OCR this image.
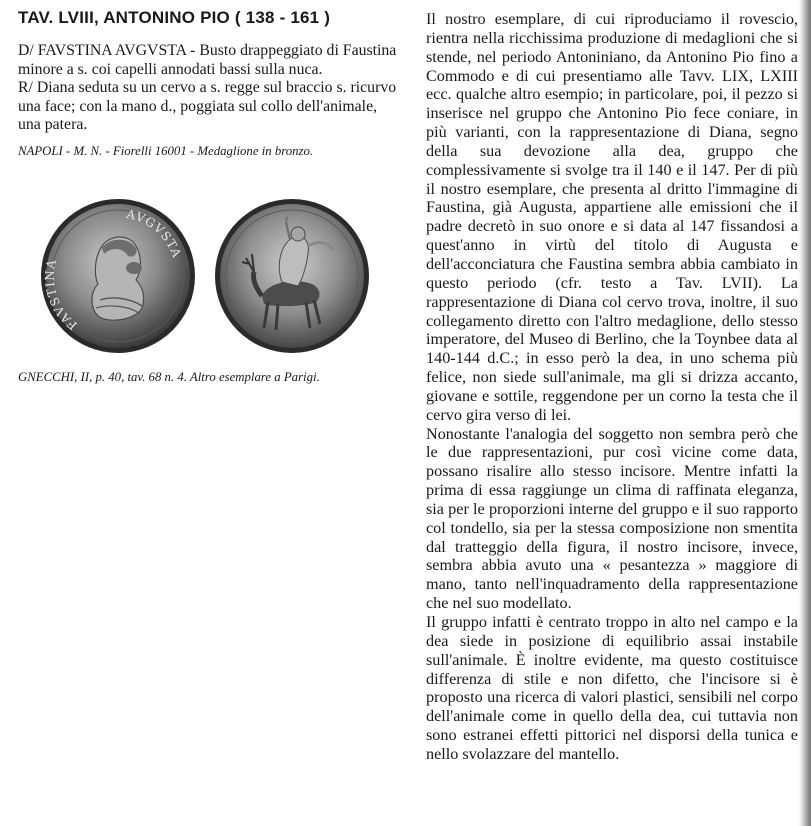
TAV. LVIII, ANTONINO PIO ( 138 - 161 )

D/ FAVSTINA AVGVSTA - Busto drappeggiato di Faustina minore a s. coi capelli annodati bassi sulla nuca.

R/ Diana seduta su un cervo a s. regge sul braccio s. ricurvo una face; con la mano d., poggiata sul collo dell'animale, una patera.

NAPOLI - M. N. - Fiorelli 16001 - Medaglione in bronzo.

FAVSTINA
AVGVSTA
GNECCHI, II, p. 40, tav. 68 n. 4. Altro esemplare a Parigi.

Il nostro esemplare, di cui riproduciamo il rovescio, rientra nella ricchissima produzione di medaglioni che si stende, nel periodo Antoniniano, da Antonino Pio fino a Commodo e di cui presentiamo alle Tavv. LIX, LXIII ecc. qualche altro esempio; in particolare, poi, il pezzo si inserisce nel gruppo che Antonino Pio fece coniare, in più varianti, con la rappresentazione di Diana, segno della sua devozione alla dea, gruppo che complessivamente si svolge tra il 140 e il 147. Per di più il nostro esemplare, che presenta al dritto l'immagine di Faustina, già Augusta, appartiene alle emissioni che il padre decretò in suo onore e si data al 147 fissandosi a quest'anno in virtù del titolo di Augusta e dell'acconciatura che Faustina sembra abbia cambiato in questo periodo (cfr. testo a Tav. LVII). La rappresentazione di Diana col cervo trova, inoltre, il suo collegamento diretto con l'altro medaglione, dello stesso imperatore, del Museo di Berlino, che la Toynbee data al 140-144 d.C.; in esso però la dea, in uno schema più felice, non siede sull'animale, ma gli si drizza accanto, giovane e sottile, reggendone per un corno la testa che il cervo gira verso di lei.

Nonostante l'analogia del soggetto non sembra però che le due rappresentazioni, pur così vicine come data, possano risalire allo stesso incisore. Mentre infatti la prima di essa raggiunge un clima di raffinata eleganza, sia per le proporzioni interne del gruppo e il suo rapporto col tondello, sia per la stessa composizione non smentita dal tratteggio della figura, il nostro incisore, invece, sembra abbia avuto una « pesantezza » maggiore di mano, tanto nell'inquadramento della rappresentazione che nel suo modellato.

Il gruppo infatti è centrato troppo in alto nel campo e la dea siede in posizione di equilibrio assai instabile sull'animale. È inoltre evidente, ma questo costituisce differenza di stile e non difetto, che l'incisore si è proposto una ricerca di valori plastici, sensibili nel corpo dell'animale come in quello della dea, cui tuttavia non sono estranei effetti pittorici nel disporsi della tunica e nello svolazzare del mantello.
